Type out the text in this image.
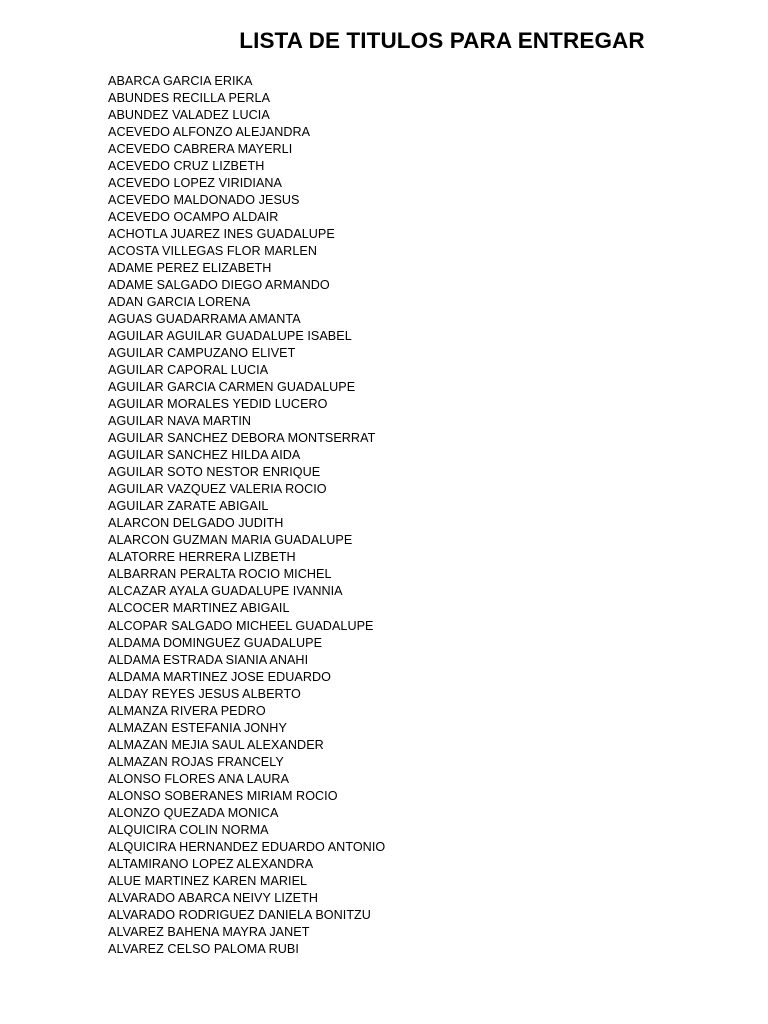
LISTA DE TITULOS PARA ENTREGAR
ABARCA GARCIA ERIKA
ABUNDES RECILLA PERLA
ABUNDEZ VALADEZ LUCIA
ACEVEDO ALFONZO ALEJANDRA
ACEVEDO CABRERA MAYERLI
ACEVEDO CRUZ LIZBETH
ACEVEDO LOPEZ VIRIDIANA
ACEVEDO MALDONADO JESUS
ACEVEDO OCAMPO ALDAIR
ACHOTLA JUAREZ INES GUADALUPE
ACOSTA VILLEGAS FLOR MARLEN
ADAME PEREZ ELIZABETH
ADAME SALGADO DIEGO ARMANDO
ADAN GARCIA LORENA
AGUAS GUADARRAMA AMANTA
AGUILAR AGUILAR GUADALUPE ISABEL
AGUILAR CAMPUZANO ELIVET
AGUILAR CAPORAL LUCIA
AGUILAR GARCIA CARMEN GUADALUPE
AGUILAR MORALES YEDID LUCERO
AGUILAR NAVA MARTIN
AGUILAR SANCHEZ DEBORA MONTSERRAT
AGUILAR SANCHEZ HILDA AIDA
AGUILAR SOTO NESTOR ENRIQUE
AGUILAR VAZQUEZ VALERIA ROCIO
AGUILAR ZARATE ABIGAIL
ALARCON DELGADO JUDITH
ALARCON GUZMAN MARIA GUADALUPE
ALATORRE HERRERA LIZBETH
ALBARRAN PERALTA ROCIO MICHEL
ALCAZAR AYALA GUADALUPE IVANNIA
ALCOCER MARTINEZ ABIGAIL
ALCOPAR SALGADO MICHEEL GUADALUPE
ALDAMA DOMINGUEZ GUADALUPE
ALDAMA ESTRADA SIANIA ANAHI
ALDAMA MARTINEZ JOSE EDUARDO
ALDAY REYES JESUS ALBERTO
ALMANZA RIVERA PEDRO
ALMAZAN ESTEFANIA JONHY
ALMAZAN MEJIA SAUL ALEXANDER
ALMAZAN ROJAS FRANCELY
ALONSO FLORES ANA LAURA
ALONSO SOBERANES MIRIAM ROCIO
ALONZO QUEZADA MONICA
ALQUICIRA COLIN NORMA
ALQUICIRA HERNANDEZ EDUARDO ANTONIO
ALTAMIRANO LOPEZ ALEXANDRA
ALUE MARTINEZ KAREN MARIEL
ALVARADO ABARCA NEIVY LIZETH
ALVARADO RODRIGUEZ DANIELA BONITZU
ALVAREZ BAHENA MAYRA JANET
ALVAREZ CELSO PALOMA RUBI
